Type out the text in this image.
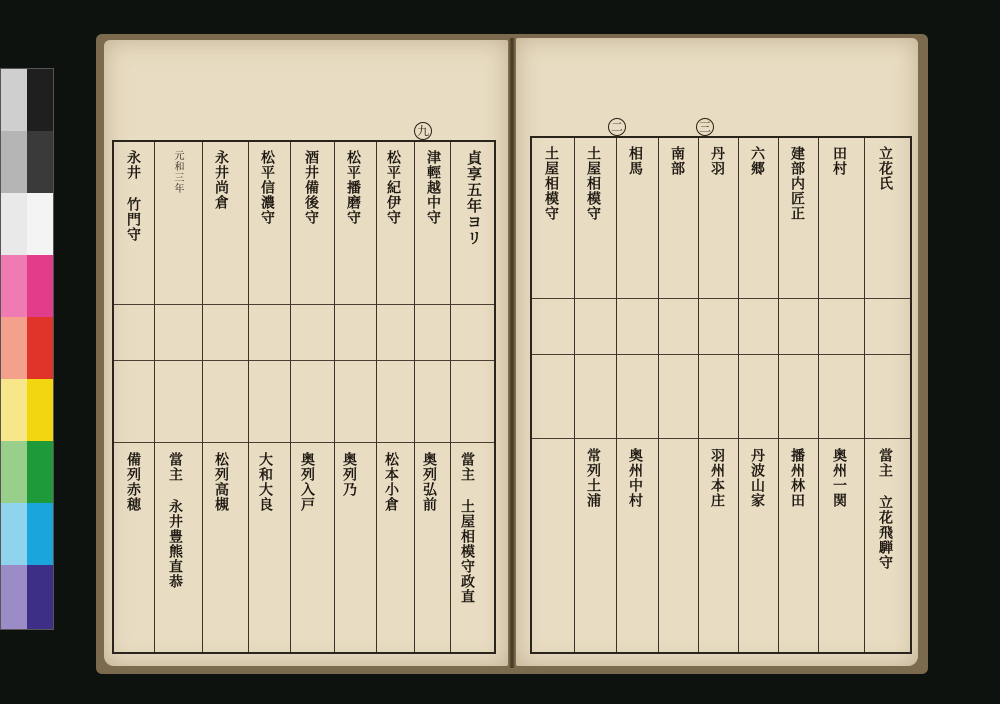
九
貞享五年ヨリ
津輕越中守
松平紀伊守
松平播磨守
酒井備後守
松平信濃守
永井尚倉
元和三年
永井 竹門守
當主 土屋相模守政直
奥列弘前
松本小倉
奥列乃
奥列入戸
大和大良
松列高槻
當主 永井豊熊直恭
備列赤穂
二	三
立花氏
田村
建部内匠正
六郷
丹羽
南部
相馬
土屋相模守
土屋相模守
當主 立花飛騨守
奥州一関
播州林田
丹波山家
羽州本庄
奥州中村
常列土浦
